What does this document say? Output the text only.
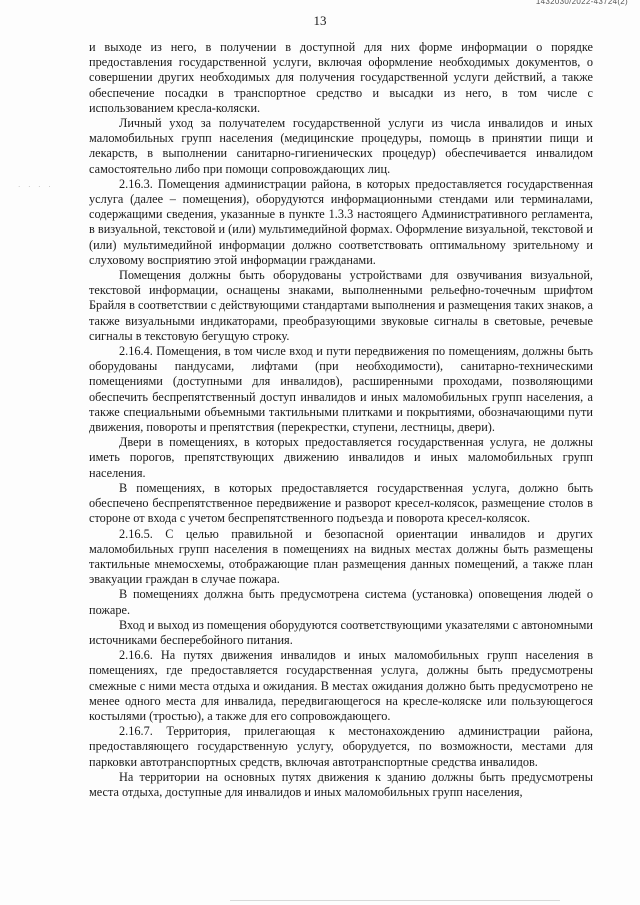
1432030/2022-43724(2)
13
· · · ·

и выходе из него, в получении в доступной для них форме информации о порядке предоставления государственной услуги, включая оформление необходимых документов, о совершении других необходимых для получения государственной услуги действий, а также обеспечение посадки в транспортное средство и высадки из него, в том числе с использованием кресла-коляски.

Личный уход за получателем государственной услуги из числа инвалидов и иных маломобильных групп населения (медицинские процедуры, помощь в принятии пищи и лекарств, в выполнении санитарно-гигиенических процедур) обеспечивается инвалидом самостоятельно либо при помощи сопровождающих лиц.

2.16.3. Помещения администрации района, в которых предоставляется государственная услуга (далее – помещения), оборудуются информационными стендами или терминалами, содержащими сведения, указанные в пункте 1.3.3 настоящего Административного регламента, в визуальной, текстовой и (или) мультимедийной формах. Оформление визуальной, текстовой и (или) мультимедийной информации должно соответствовать оптимальному зрительному и слуховому восприятию этой информации гражданами.

Помещения должны быть оборудованы устройствами для озвучивания визуальной, текстовой информации, оснащены знаками, выполненными рельефно-точечным шрифтом Брайля в соответствии с действующими стандартами выполнения и размещения таких знаков, а также визуальными индикаторами, преобразующими звуковые сигналы в световые, речевые сигналы в текстовую бегущую строку.

2.16.4. Помещения, в том числе вход и пути передвижения по помещениям, должны быть оборудованы пандусами, лифтами (при необходимости), санитарно-техническими помещениями (доступными для инвалидов), расширенными проходами, позволяющими обеспечить беспрепятственный доступ инвалидов и иных маломобильных групп населения, а также специальными объемными тактильными плитками и покрытиями, обозначающими пути движения, повороты и препятствия (перекрестки, ступени, лестницы, двери).

Двери в помещениях, в которых предоставляется государственная услуга, не должны иметь порогов, препятствующих движению инвалидов и иных маломобильных групп населения.

В помещениях, в которых предоставляется государственная услуга, должно быть обеспечено беспрепятственное передвижение и разворот кресел-колясок, размещение столов в стороне от входа с учетом беспрепятственного подъезда и поворота кресел-колясок.

2.16.5. С целью правильной и безопасной ориентации инвалидов и других маломобильных групп населения в помещениях на видных местах должны быть размещены тактильные мнемосхемы, отображающие план размещения данных помещений, а также план эвакуации граждан в случае пожара.

В помещениях должна быть предусмотрена система (установка) оповещения людей о пожаре.

Вход и выход из помещения оборудуются соответствующими указателями с автономными источниками бесперебойного питания.

2.16.6. На путях движения инвалидов и иных маломобильных групп населения в помещениях, где предоставляется государственная услуга, должны быть предусмотрены смежные с ними места отдыха и ожидания. В местах ожидания должно быть предусмотрено не менее одного места для инвалида, передвигающегося на кресле-коляске или пользующегося костылями (тростью), а также для его сопровождающего.

2.16.7. Территория, прилегающая к местонахождению администрации района, предоставляющего государственную услугу, оборудуется, по возможности, местами для парковки автотранспортных средств, включая автотранспортные средства инвалидов.

На территории на основных путях движения к зданию должны быть предусмотрены места отдыха, доступные для инвалидов и иных маломобильных групп населения,
